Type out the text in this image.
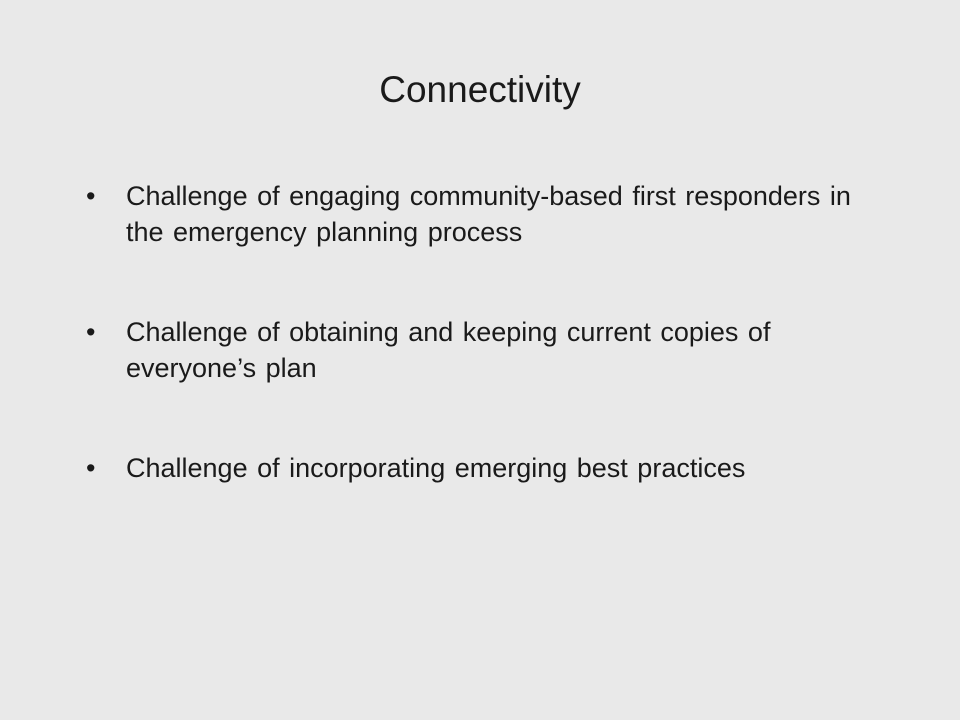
Connectivity
•	Challenge of engaging community-based first responders in the emergency planning process
•	Challenge of obtaining and keeping current copies of everyone’s plan
•	Challenge of incorporating emerging best practices
